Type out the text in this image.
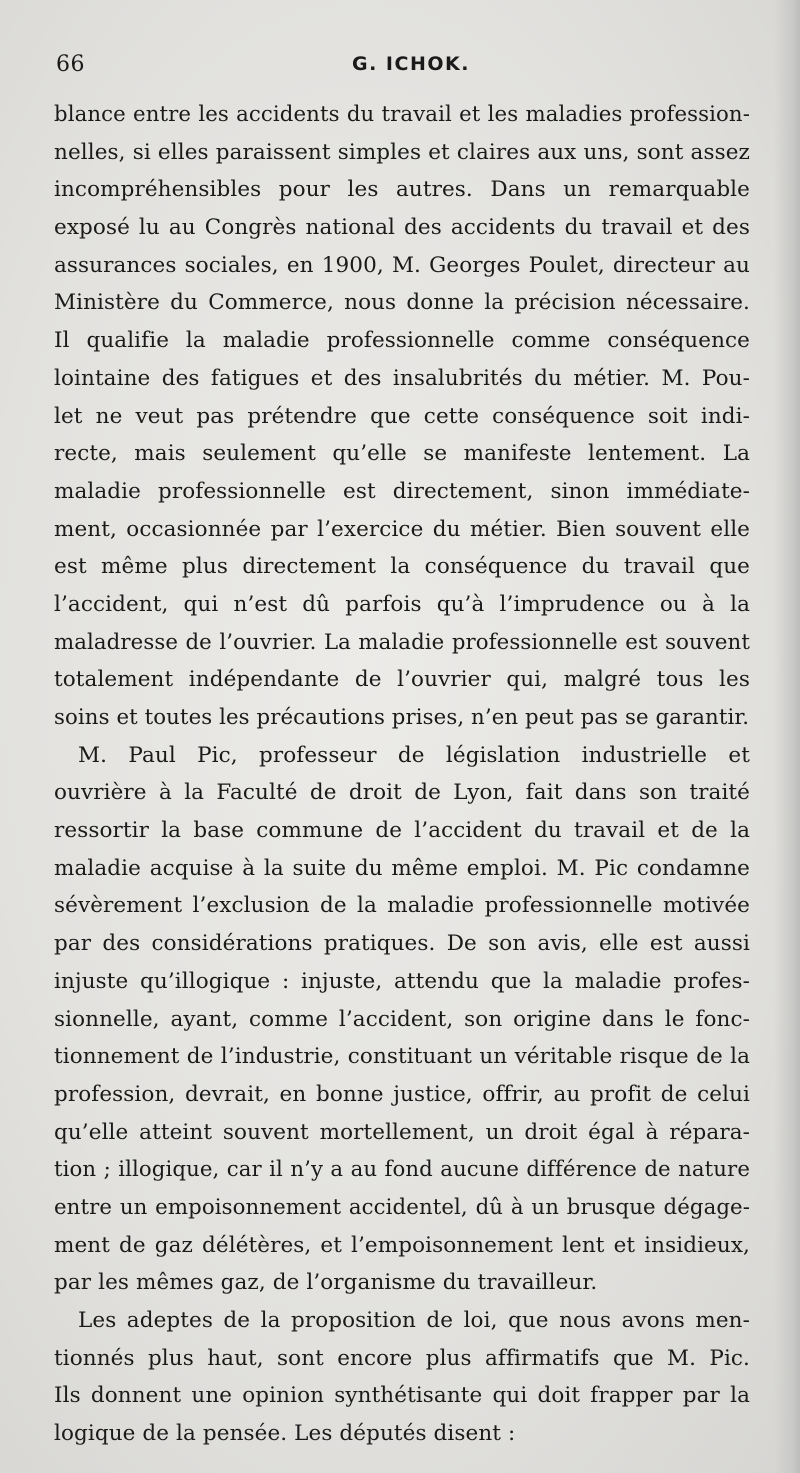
66	G. ICHOK.
blance entre les accidents du travail et les maladies profession-
nelles, si elles paraissent simples et claires aux uns, sont assez
incompréhensibles pour les autres. Dans un remarquable
exposé lu au Congrès national des accidents du travail et des
assurances sociales, en 1900, M. Georges Poulet, directeur au
Ministère du Commerce, nous donne la précision nécessaire.
Il qualifie la maladie professionnelle comme conséquence
lointaine des fatigues et des insalubrités du métier. M. Pou-
let ne veut pas prétendre que cette conséquence soit indi-
recte, mais seulement qu’elle se manifeste lentement. La
maladie professionnelle est directement, sinon immédiate-
ment, occasionnée par l’exercice du métier. Bien souvent elle
est même plus directement la conséquence du travail que
l’accident, qui n’est dû parfois qu’à l’imprudence ou à la
maladresse de l’ouvrier. La maladie professionnelle est souvent
totalement indépendante de l’ouvrier qui, malgré tous les
soins et toutes les précautions prises, n’en peut pas se garantir.
M. Paul Pic, professeur de législation industrielle et
ouvrière à la Faculté de droit de Lyon, fait dans son traité
ressortir la base commune de l’accident du travail et de la
maladie acquise à la suite du même emploi. M. Pic condamne
sévèrement l’exclusion de la maladie professionnelle motivée
par des considérations pratiques. De son avis, elle est aussi
injuste qu’illogique : injuste, attendu que la maladie profes-
sionnelle, ayant, comme l’accident, son origine dans le fonc-
tionnement de l’industrie, constituant un véritable risque de la
profession, devrait, en bonne justice, offrir, au profit de celui
qu’elle atteint souvent mortellement, un droit égal à répara-
tion ; illogique, car il n’y a au fond aucune différence de nature
entre un empoisonnement accidentel, dû à un brusque dégage-
ment de gaz délétères, et l’empoisonnement lent et insidieux,
par les mêmes gaz, de l’organisme du travailleur.
Les adeptes de la proposition de loi, que nous avons men-
tionnés plus haut, sont encore plus affirmatifs que M. Pic.
Ils donnent une opinion synthétisante qui doit frapper par la
logique de la pensée. Les députés disent :
